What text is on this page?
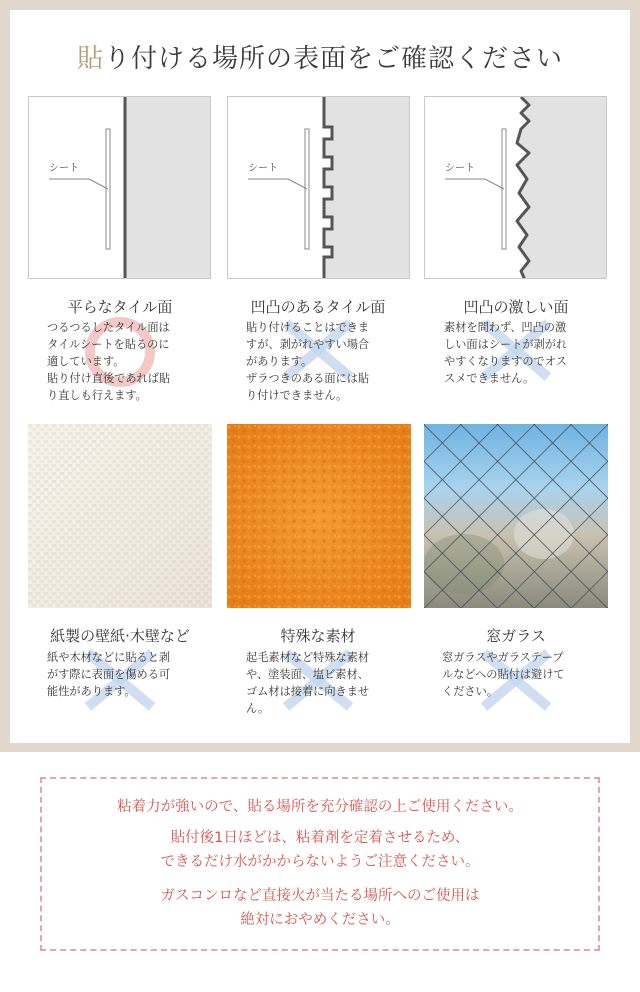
貼り付ける場所の表面をご確認ください
シート	シート	シート
平らなタイル面	凹凸のあるタイル面	凹凸の激しい面
つるつるしたタイル面は
タイルシートを貼るのに
適しています。
貼り付け直後であれば貼
り直しも行えます。
貼り付けることはできま
すが、剥がれやすい場合
があります。
ザラつきのある面には貼
り付けできません。
素材を問わず、凹凸の激
しい面はシートが剥がれ
やすくなりますのでオス
スメできません。
紙製の壁紙·木壁など	特殊な素材	窓ガラス
紙や木材などに貼ると剥
がす際に表面を傷める可
能性があります。
起毛素材など特殊な素材
や、塗装面、塩ビ素材、
ゴム材は接着に向きませ
ん。
窓ガラスやガラステープ
ルなどへの貼付は避けて
ください。
粘着力が強いので、貼る場所を充分確認の上ご使用ください。
貼付後1日ほどは、粘着剤を定着させるため、
できるだけ水がかからないようご注意ください。
ガスコンロなど直接火が当たる場所へのご使用は
絶対におやめください。
